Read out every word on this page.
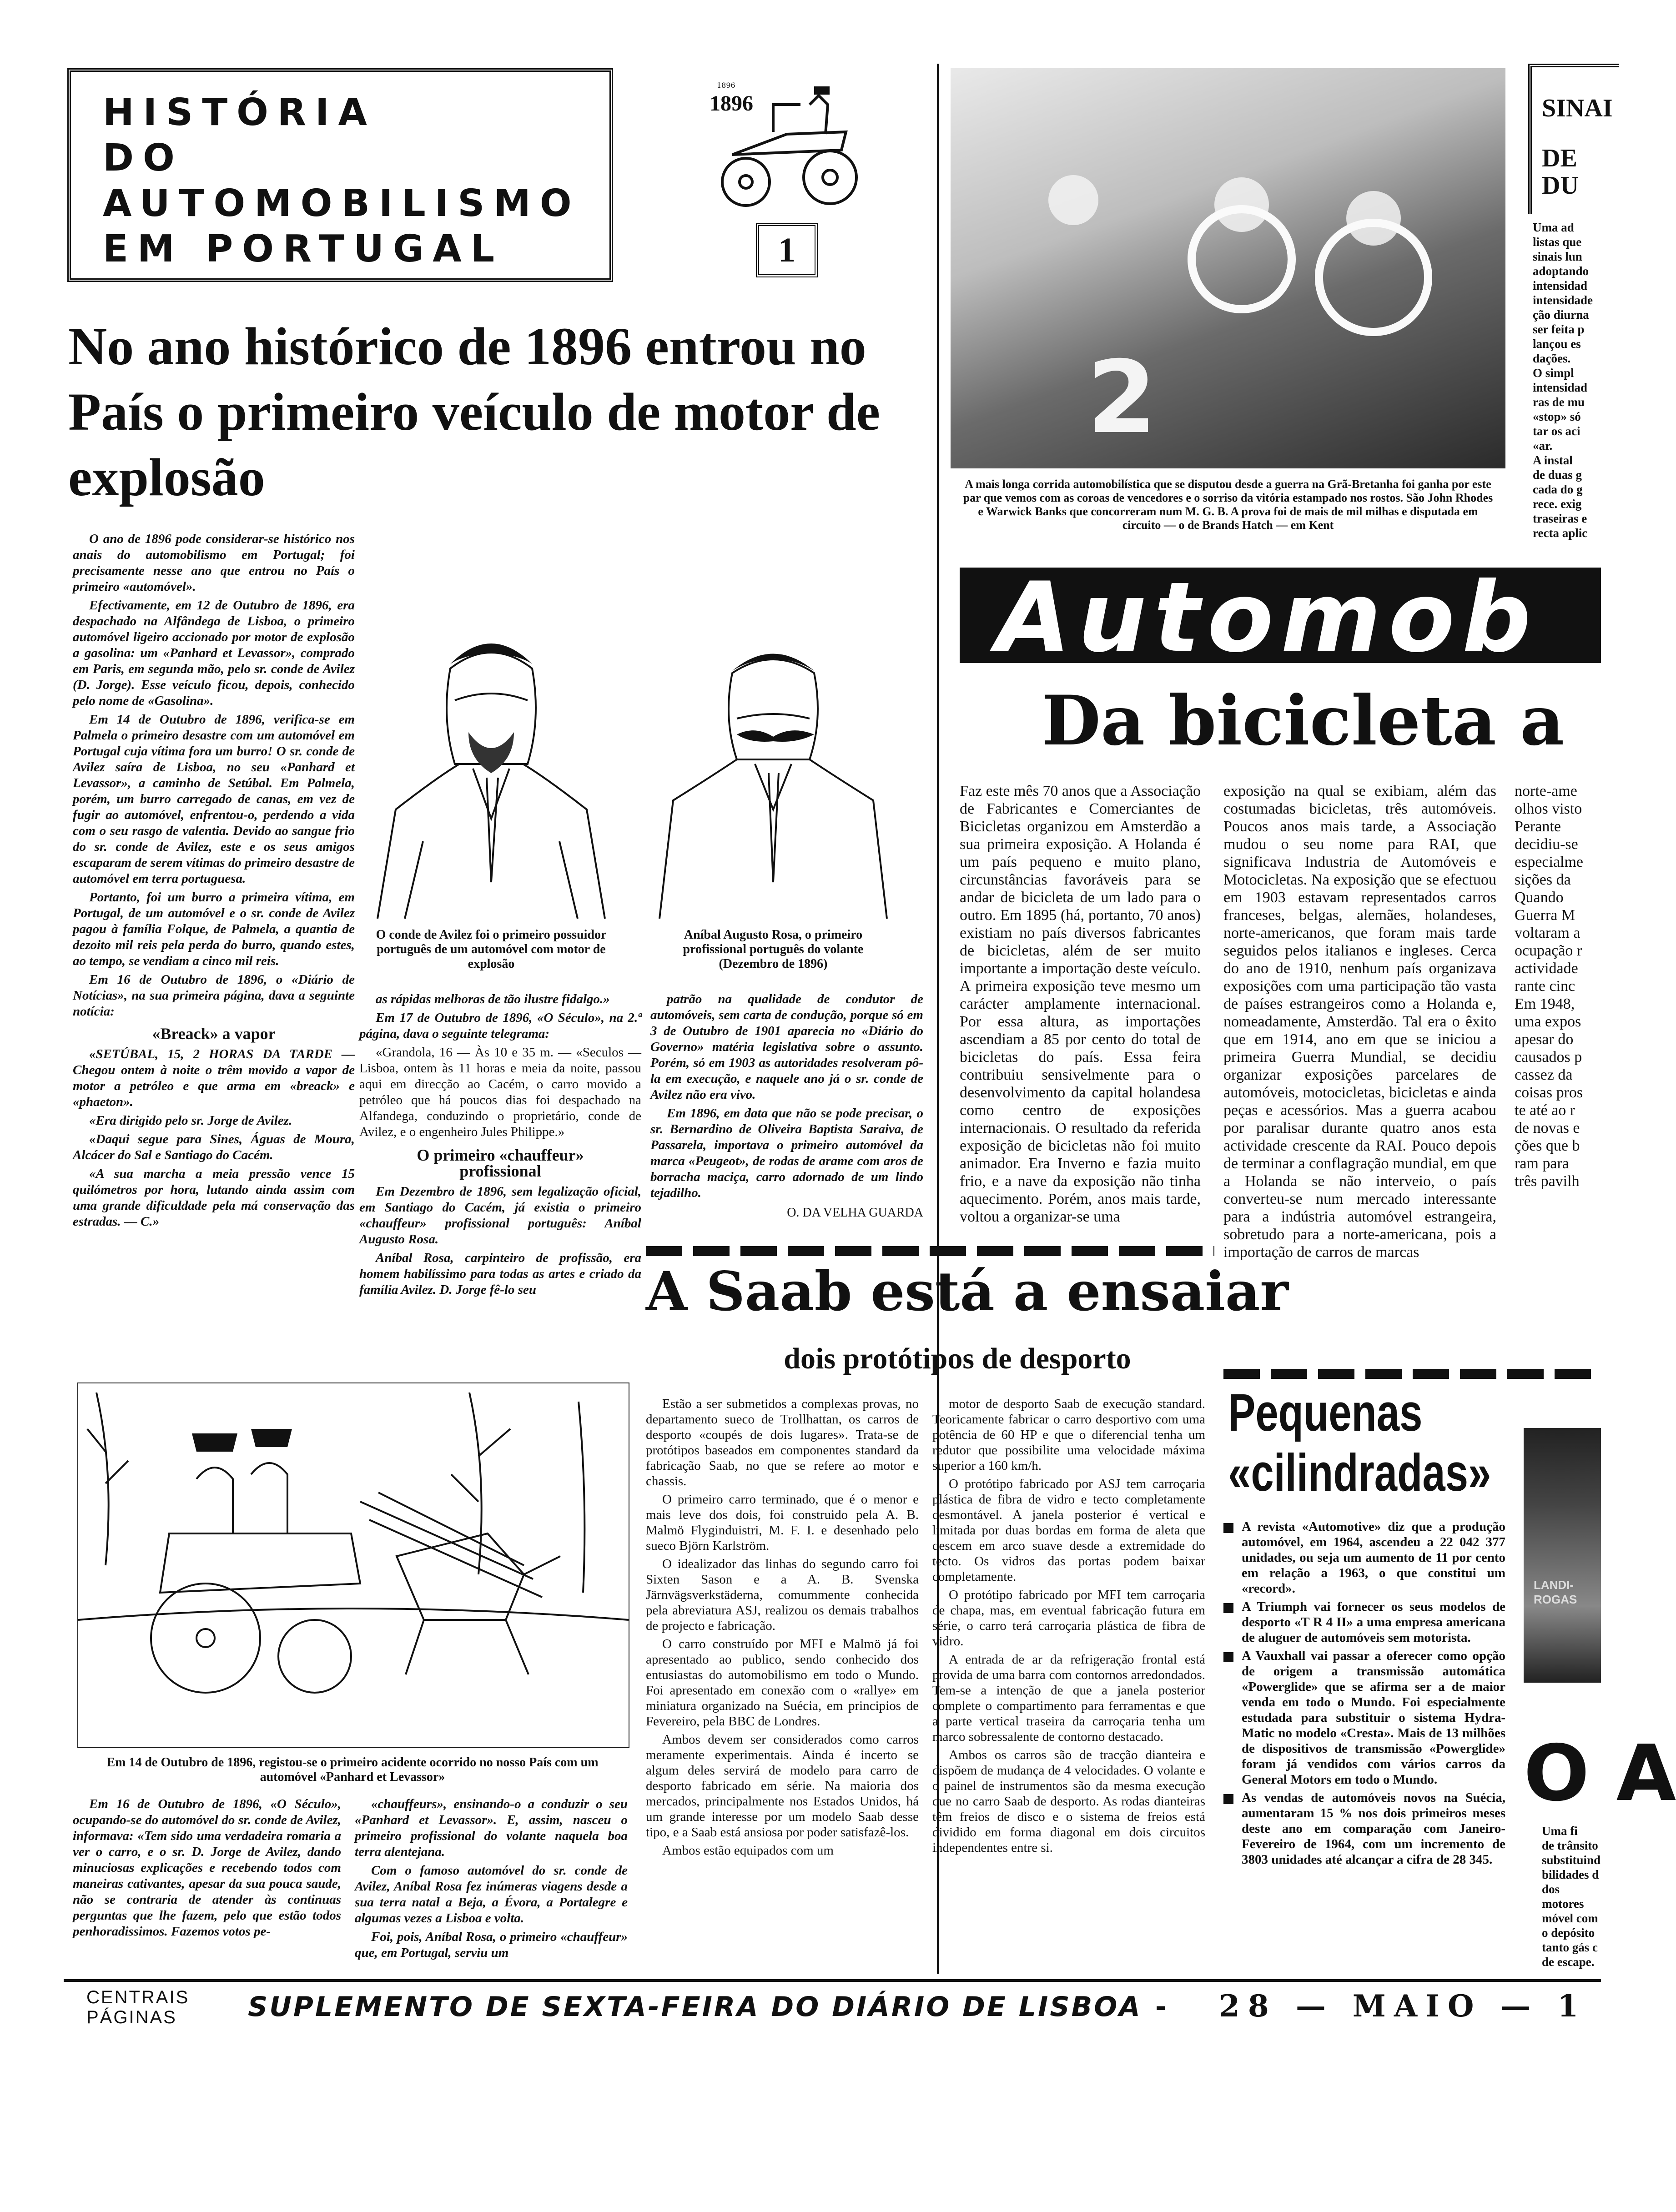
HISTÓRIA
DO
AUTOMOBILISMO
EM PORTUGAL
1896
1896
1
No ano histórico de 1896 entrou no País o primeiro veículo de motor de explosão

O ano de 1896 pode considerar-se histórico nos anais do automobilismo em Portugal; foi precisamente nesse ano que entrou no País o primeiro «automóvel».

Efectivamente, em 12 de Outubro de 1896, era despachado na Alfândega de Lisboa, o primeiro automóvel ligeiro accionado por motor de explosão a gasolina: um «Panhard et Levassor», comprado em Paris, em segunda mão, pelo sr. conde de Avilez (D. Jorge). Esse veículo ficou, depois, conhecido pelo nome de «Gasolina».

Em 14 de Outubro de 1896, verifica-se em Palmela o primeiro desastre com um automóvel em Portugal cuja vítima fora um burro! O sr. conde de Avilez saíra de Lisboa, no seu «Panhard et Levassor», a caminho de Setúbal. Em Palmela, porém, um burro carregado de canas, em vez de fugir ao automóvel, enfrentou-o, perdendo a vida com o seu rasgo de valentia. Devido ao sangue frio do sr. conde de Avilez, este e os seus amigos escaparam de serem vítimas do primeiro desastre de automóvel em terra portuguesa.

Portanto, foi um burro a primeira vítima, em Portugal, de um automóvel e o sr. conde de Avilez pagou à família Folque, de Palmela, a quantia de dezoito mil reis pela perda do burro, quando estes, ao tempo, se vendiam a cinco mil reis.

Em 16 de Outubro de 1896, o «Diário de Notícias», na sua primeira página, dava a seguinte notícia:

«Breack» a vapor

«SETÚBAL, 15, 2 HORAS DA TARDE — Chegou ontem à noite o trêm movido a vapor de motor a petróleo e que arma em «breack» e «phaeton».

«Era dirigido pelo sr. Jorge de Avilez.

«Daqui segue para Sines, Águas de Moura, Alcácer do Sal e Santiago do Cacém.

«A sua marcha a meia pressão vence 15 quilómetros por hora, lutando ainda assim com uma grande dificuldade pela má conservação das estradas. — C.»

O conde de Avilez foi o primeiro possuidor português de um automóvel com motor de explosão
Aníbal Augusto Rosa, o primeiro profissional português do volante (Dezembro de 1896)

as rápidas melhoras de tão ilustre fidalgo.»

Em 17 de Outubro de 1896, «O Século», na 2.ª página, dava o seguinte telegrama:

«Grandola, 16 — Às 10 e 35 m. — «Seculos — Lisboa, ontem às 11 horas e meia da noite, passou aqui em direcção ao Cacém, o carro movido a petróleo que há poucos dias foi despachado na Alfandega, conduzindo o proprietário, conde de Avilez, e o engenheiro Jules Philippe.»

O primeiro «chauffeur» profissional

Em Dezembro de 1896, sem legalização oficial, em Santiago do Cacém, já existia o primeiro «chauffeur» profissional português: Aníbal Augusto Rosa.

Aníbal Rosa, carpinteiro de profissão, era homem habilíssimo para todas as artes e criado da família Avilez. D. Jorge fê-lo seu

patrão na qualidade de condutor de automóveis, sem carta de condução, porque só em 3 de Outubro de 1901 aparecia no «Diário do Governo» matéria legislativa sobre o assunto. Porém, só em 1903 as autoridades resolveram pô-la em execução, e naquele ano já o sr. conde de Avilez não era vivo.

Em 1896, em data que não se pode precisar, o sr. Bernardino de Oliveira Baptista Saraiva, de Passarela, importava o primeiro automóvel da marca «Peugeot», de rodas de arame com aros de borracha maciça, carro adornado de um lindo tejadilho.

O. DA VELHA GUARDA
Em 14 de Outubro de 1896, registou-se o primeiro acidente ocorrido no nosso País com um automóvel «Panhard et Levassor»

Em 16 de Outubro de 1896, «O Século», ocupando-se do automóvel do sr. conde de Avilez, informava: «Tem sido uma verdadeira romaria a ver o carro, e o sr. D. Jorge de Avilez, dando minuciosas explicações e recebendo todos com maneiras cativantes, apesar da sua pouca saude, não se contraria de atender às continuas perguntas que lhe fazem, pelo que estão todos penhoradissimos. Fazemos votos pe-

«chauffeurs», ensinando-o a conduzir o seu «Panhard et Levassor». E, assim, nasceu o primeiro profissional do volante naquela boa terra alentejana.

Com o famoso automóvel do sr. conde de Avilez, Aníbal Rosa fez inúmeras viagens desde a sua terra natal a Beja, a Évora, a Portalegre e algumas vezes a Lisboa e volta.

Foi, pois, Aníbal Rosa, o primeiro «chauffeur» que, em Portugal, serviu um

2
A mais longa corrida automobilística que se disputou desde a guerra na Grã-Bretanha foi ganha por este par que vemos com as coroas de vencedores e o sorriso da vitória estampado nos rostos. São John Rhodes e Warwick Banks que concorreram num M. G. B. A prova foi de mais de mil milhas e disputada em circuito — o de Brands Hatch — em Kent
SINAI
DE DU
Uma ad
listas que
sinais lun
adoptando
intensidad
intensidade
ção diurna
ser feita p
lançou es
dações.
O simpl
intensidad
ras de mu
«stop» só
tar os aci
«ar.
A instal
de duas g
cada do g
rece. exig
traseiras e
recta aplic
Automob
Da bicicleta a
Faz este mês 70 anos que a Associação de Fabricantes e Comerciantes de Bicicletas organizou em Amsterdão a sua primeira exposição. A Holanda é um país pequeno e muito plano, circunstâncias favoráveis para se andar de bicicleta de um lado para o outro. Em 1895 (há, portanto, 70 anos) existiam no país diversos fabricantes de bicicletas, além de ser muito importante a importação deste veículo. A primeira exposição teve mesmo um carácter amplamente internacional. Por essa altura, as importações ascendiam a 85 por cento do total de bicicletas do país. Essa feira contribuiu sensivelmente para o desenvolvimento da capital holandesa como centro de exposições internacionais. O resultado da referida exposição de bicicletas não foi muito animador. Era Inverno e fazia muito frio, e a nave da exposição não tinha aquecimento. Porém, anos mais tarde, voltou a organizar-se uma
exposição na qual se exibiam, além das costumadas bicicletas, três automóveis. Poucos anos mais tarde, a Associação mudou o seu nome para RAI, que significava Industria de Automóveis e Motocicletas. Na exposição que se efectuou em 1903 estavam representados carros franceses, belgas, alemães, holandeses, norte-americanos, que foram mais tarde seguidos pelos italianos e ingleses. Cerca do ano de 1910, nenhum país organizava exposições com uma participação tão vasta de países estrangeiros como a Holanda e, nomeadamente, Amsterdão. Tal era o êxito que em 1914, ano em que se iniciou a primeira Guerra Mundial, se decidiu organizar exposições parcelares de automóveis, motocicletas, bicicletas e ainda peças e acessórios. Mas a guerra acabou por paralisar durante quatro anos esta actividade crescente da RAI. Pouco depois de terminar a conflagração mundial, em que a Holanda se não interveio, o país converteu-se num mercado interessante para a indústria automóvel estrangeira, sobretudo para a norte-americana, pois a importação de carros de marcas
norte-ame
olhos visto
Perante
decidiu-se
especialme
sições da
Quando
Guerra M
voltaram a
ocupação r
actividade
rante cinc
Em 1948,
uma expos
apesar do
causados p
cassez da
coisas pros
te até ao r
de novas e
ções que b
ram para
três pavilh
A Saab está a ensaiar
dois protótipos de desporto

Estão a ser submetidos a complexas provas, no departamento sueco de Trollhattan, os carros de desporto «coupés de dois lugares». Trata-se de protótipos baseados em componentes standard da fabricação Saab, no que se refere ao motor e chassis.

O primeiro carro terminado, que é o menor e mais leve dos dois, foi construido pela A. B. Malmö Flyginduistri, M. F. I. e desenhado pelo sueco Björn Karlström.

O idealizador das linhas do segundo carro foi Sixten Sason e a A. B. Svenska Järnvägsverkstäderna, comummente conhecida pela abreviatura ASJ, realizou os demais trabalhos de projecto e fabricação.

O carro construído por MFI e Malmö já foi apresentado ao publico, sendo conhecido dos entusiastas do automobilismo em todo o Mundo. Foi apresentado em conexão com o «rallye» em miniatura organizado na Suécia, em principios de Fevereiro, pela BBC de Londres.

Ambos devem ser considerados como carros meramente experimentais. Ainda é incerto se algum deles servirá de modelo para carro de desporto fabricado em série. Na maioria dos mercados, principalmente nos Estados Unidos, há um grande interesse por um modelo Saab desse tipo, e a Saab está ansiosa por poder satisfazê-los.

Ambos estão equipados com um

motor de desporto Saab de execução standard. Teoricamente fabricar o carro desportivo com uma potência de 60 HP e que o diferencial tenha um redutor que possibilite uma velocidade máxima superior a 160 km/h.

O protótipo fabricado por ASJ tem carroçaria plástica de fibra de vidro e tecto completamente desmontável. A janela posterior é vertical e limitada por duas bordas em forma de aleta que descem em arco suave desde a extremidade do tecto. Os vidros das portas podem baixar completamente.

O protótipo fabricado por MFI tem carroçaria de chapa, mas, em eventual fabricação futura em série, o carro terá carroçaria plástica de fibra de vidro.

A entrada de ar da refrigeração frontal está provida de uma barra com contornos arredondados. Tem-se a intenção de que a janela posterior complete o compartimento para ferramentas e que a parte vertical traseira da carroçaria tenha um marco sobressalente de contorno destacado.

Ambos os carros são de tracção dianteira e dispõem de mudança de 4 velocidades. O volante e o painel de instrumentos são da mesma execução que no carro Saab de desporto. As rodas dianteiras têm freios de disco e o sistema de freios está dividido em forma diagonal em dois circuitos independentes entre si.

Pequenas
«cilindradas»
A revista «Automotive» diz que a produção automóvel, em 1964, ascendeu a 22 042 377 unidades, ou seja um aumento de 11 por cento em relação a 1963, o que constitui um «record».
A Triumph vai fornecer os seus modelos de desporto «T R 4 II» a uma empresa americana de aluguer de automóveis sem motorista.
A Vauxhall vai passar a oferecer como opção de origem a transmissão automática «Powerglide» que se afirma ser a de maior venda em todo o Mundo. Foi especialmente estudada para substituir o sistema Hydra-Matic no modelo «Cresta». Mais de 13 milhões de dispositivos de transmissão «Powerglide» foram já vendidos com vários carros da General Motors em todo o Mundo.
As vendas de automóveis novos na Suécia, aumentaram 15 % nos dois primeiros meses deste ano em comparação com Janeiro-Fevereiro de 1964, com um incremento de 3803 unidades até alcançar a cifra de 28 345.
LANDI-
ROGAS
O A
Uma fi
de trânsito
substituind
bilidades d
dos motores
móvel com
o depósito
tanto gás c
de escape.
CENTRAIS
PÁGINAS	SUPLEMENTO DE SEXTA-FEIRA DO DIÁRIO DE LISBOA - 28 — MAIO — 1
